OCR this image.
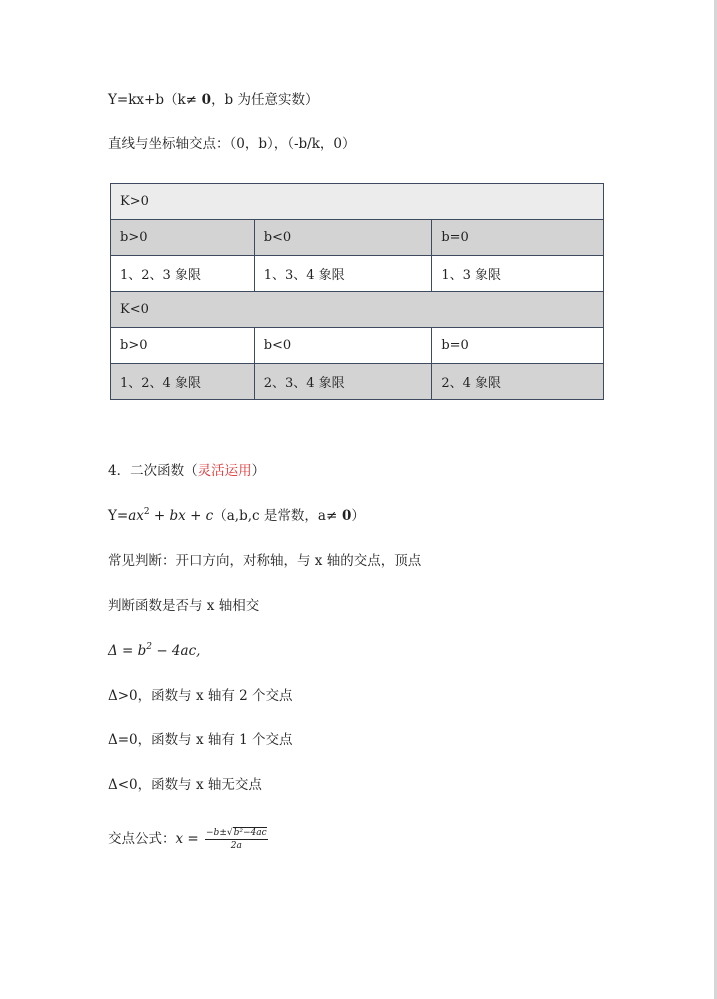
Y=kx+b（k≠ 0，b 为任意实数）
直线与坐标轴交点：（0，b），（-b/k，0）
K>0		
b>0	b<0	b=0
1、2、3 象限	1、3、4 象限	1、3 象限
K<0		
b>0	b<0	b=0
1、2、4 象限	2、3、4 象限	2、4 象限
4．二次函数（灵活运用）
$Y=ax^2$ + bx + c（a,b,c 是常数，a≠ 0）
常见判断：开口方向，对称轴，与 x 轴的交点，顶点
判断函数是否与 x 轴相交
$\Delta = b^2 - 4ac$,
Δ>0，函数与 x 轴有 2 个交点
Δ=0，函数与 x 轴有 1 个交点
Δ<0，函数与 x 轴无交点
交点公式：$x = \frac{\text{−b±√b²−4ac}}{2a}$
